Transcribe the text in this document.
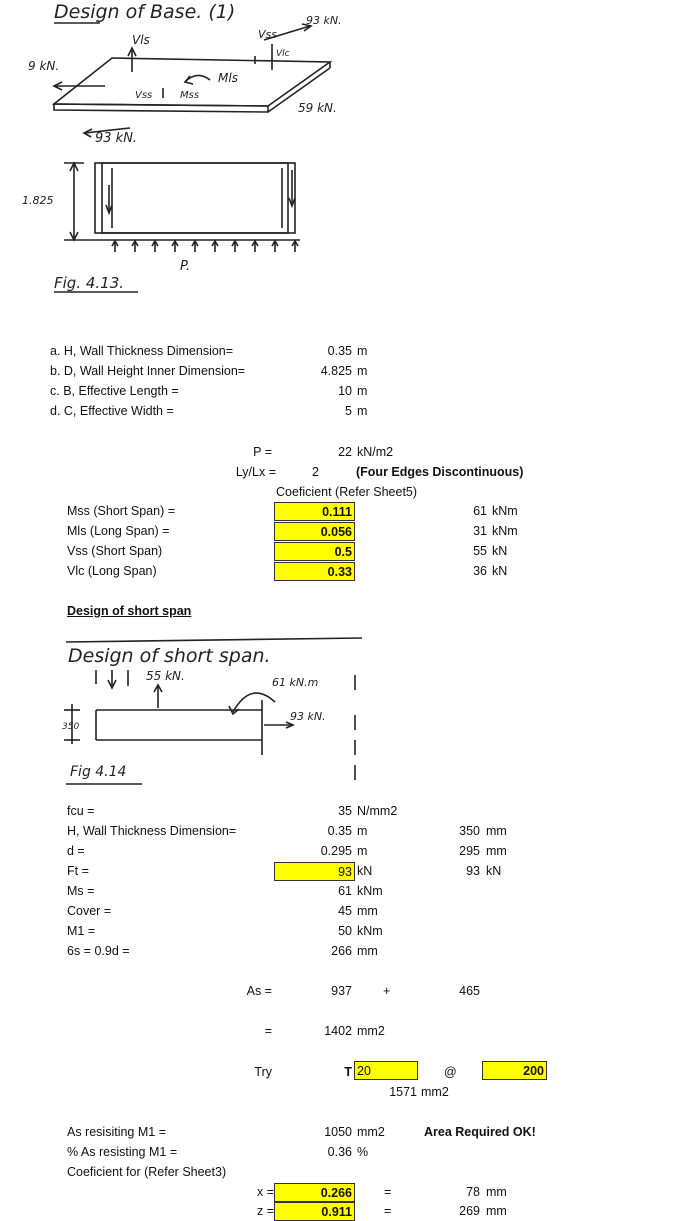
Design of Base. (1)
Vss
93 kN.
Vls
Vlc
9 kN.
Mls
Vss	Mss
59 kN.
93 kN.
1.825
P.
Fig. 4.13.
a. H, Wall Thickness Dimension=	0.35 m
b. D, Wall Height Inner Dimension=	4.825 m
c. B, Effective Length =	10 m
d. C, Effective Width =	5 m
P =	22 kN/m2
Ly/Lx =	2	(Four Edges Discontinuous)
Coeficient (Refer Sheet5)
Mss (Short Span) =	0.111	61 kNm
Mls (Long Span) =	0.056	31 kNm
Vss (Short Span)	0.5	55 kN
Vlc (Long Span)	0.33	36 kN
Design of short span
Design of short span.
55 kN.	61 kN.m
93 kN.
350
Fig 4.14
fcu =	35 N/mm2
H, Wall Thickness Dimension=	0.35 m	350 mm
d =	0.295 m	295 mm
Ft =	93 kN	93 kN
Ms =	61 kNm
Cover =	45 mm
M1 =	50 kNm
6s = 0.9d =	266 mm
As =	937 +	465
=	1402 mm2
Try	T 20	@	200
1571 mm2
As resisiting M1 =	1050 mm2	Area Required OK!
% As resisting M1 =	0.36 %
Coeficient for (Refer Sheet3)
x =	0.266	=	78 mm
z =	0.911	=	269 mm
